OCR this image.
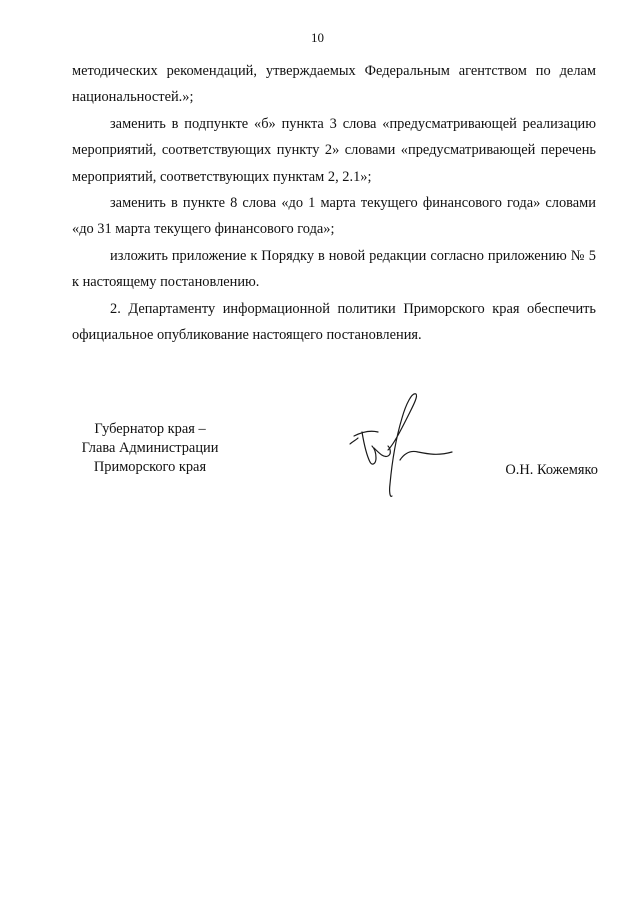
10

методических рекомендаций, утверждаемых Федеральным агентством по делам национальностей.»;

заменить в подпункте «б» пункта 3 слова «предусматривающей реализацию мероприятий, соответствующих пункту 2» словами «предусматривающей перечень мероприятий, соответствующих пунктам 2, 2.1»;

заменить в пункте 8 слова «до 1 марта текущего финансового года» словами «до 31 марта текущего финансового года»;

изложить приложение к Порядку в новой редакции согласно приложению № 5 к настоящему постановлению.

2. Департаменту информационной политики Приморского края обеспечить официальное опубликование настоящего постановления.

Губернатор края –
Глава Администрации
Приморского края	О.Н. Кожемяко
